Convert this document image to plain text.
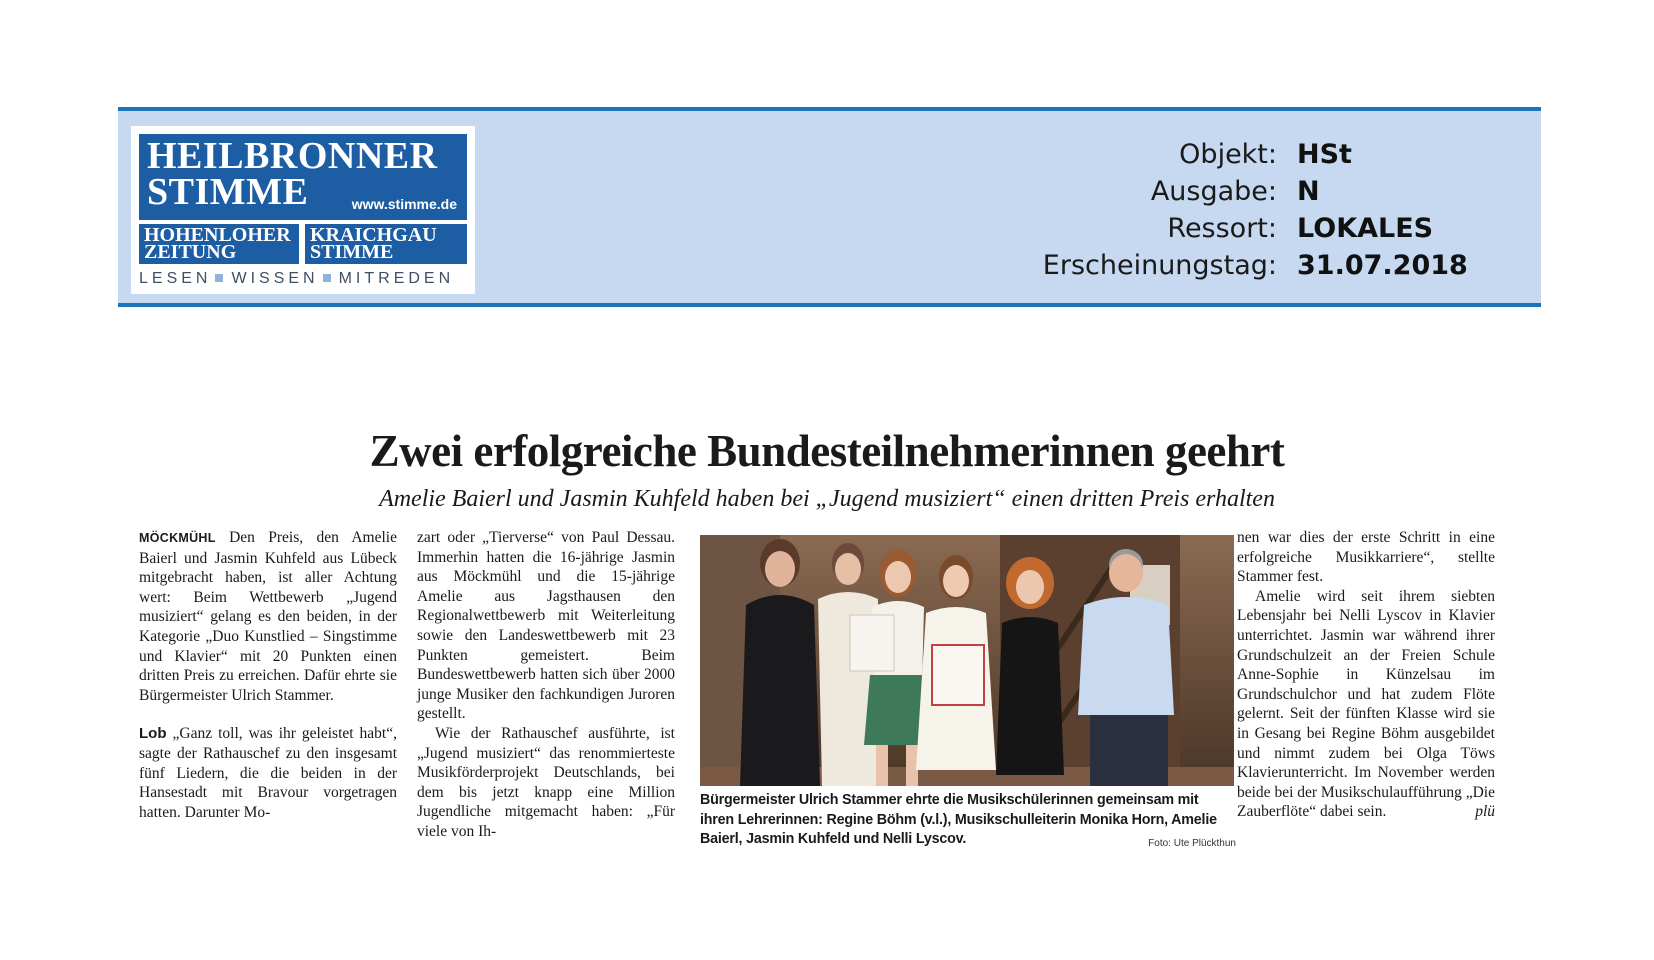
HEILBRONNER
STIMME	www.stimme.de
HOHENLOHER
ZEITUNG
KRAICHGAU
STIMME
LESEN WISSEN MITREDEN
Objekt: HSt
Ausgabe: N
Ressort: LOKALES
Erscheinungstag: 31.07.2018
Zwei erfolgreiche Bundesteilnehmerinnen geehrt
Amelie Baierl und Jasmin Kuhfeld haben bei „Jugend musiziert“ einen dritten Preis erhalten

MÖCKMÜHL Den Preis, den Amelie Baierl und Jasmin Kuhfeld aus Lübeck mitgebracht haben, ist aller Achtung wert: Beim Wettbewerb „Jugend musiziert“ gelang es den beiden, in der Kategorie „Duo Kunstlied – Singstimme und Klavier“ mit 20 Punkten einen dritten Preis zu erreichen. Dafür ehrte sie Bürgermeister Ulrich Stammer.

Lob „Ganz toll, was ihr geleistet habt“, sagte der Rathauschef zu den insgesamt fünf Liedern, die die beiden in der Hansestadt mit Bravour vorgetragen hatten. Darunter Mo-

zart oder „Tierverse“ von Paul Dessau. Immerhin hatten die 16-jährige Jasmin aus Möckmühl und die 15-jährige Amelie aus Jagsthausen den Regionalwettbewerb mit Weiterleitung sowie den Landeswettbewerb mit 23 Punkten gemeistert. Beim Bundeswettbewerb hatten sich über 2000 junge Musiker den fachkundigen Juroren gestellt.

Wie der Rathauschef ausführte, ist „Jugend musiziert“ das renommierteste Musikförderprojekt Deutschlands, bei dem bis jetzt knapp eine Million Jugendliche mitgemacht haben: „Für viele von Ih-

Bürgermeister Ulrich Stammer ehrte die Musikschülerinnen gemeinsam mit ihren Lehrerinnen: Regine Böhm (v.l.), Musikschulleiterin Monika Horn, Amelie Baierl, Jasmin Kuhfeld und Nelli Lyscov.	Foto: Ute Plückthun

nen war dies der erste Schritt in eine erfolgreiche Musikkarriere“, stellte Stammer fest.

Amelie wird seit ihrem siebten Lebensjahr bei Nelli Lyscov in Klavier unterrichtet. Jasmin war während ihrer Grundschulzeit an der Freien Schule Anne-Sophie in Künzelsau im Grundschulchor und hat zudem Flöte gelernt. Seit der fünften Klasse wird sie in Gesang bei Regine Böhm ausgebildet und nimmt zudem bei Olga Töws Klavierunterricht. Im November werden beide bei der Musikschulaufführung „Die Zauberflöte“ dabei sein.	plü
